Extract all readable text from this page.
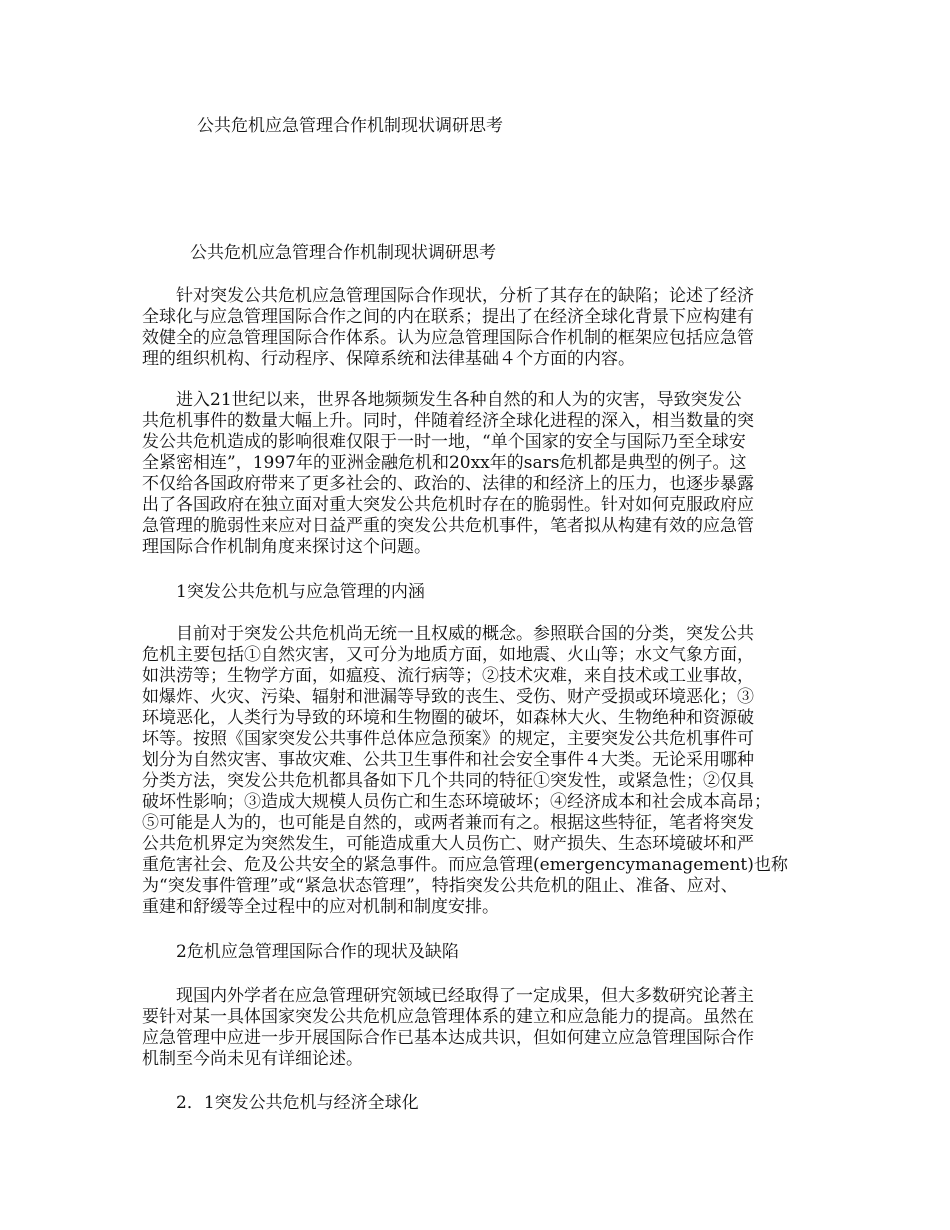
公共危机应急管理合作机制现状调研思考
公共危机应急管理合作机制现状调研思考
针对突发公共危机应急管理国际合作现状，分析了其存在的缺陷；论述了经济
全球化与应急管理国际合作之间的内在联系；提出了在经济全球化背景下应构建有
效健全的应急管理国际合作体系。认为应急管理国际合作机制的框架应包括应急管
理的组织机构、行动程序、保障系统和法律基础４个方面的内容。
进入21世纪以来，世界各地频频发生各种自然的和人为的灾害，导致突发公
共危机事件的数量大幅上升。同时，伴随着经济全球化进程的深入，相当数量的突
发公共危机造成的影响很难仅限于一时一地，“单个国家的安全与国际乃至全球安
全紧密相连”，1997年的亚洲金融危机和20xx年的sars危机都是典型的例子。这
不仅给各国政府带来了更多社会的、政治的、法律的和经济上的压力，也逐步暴露
出了各国政府在独立面对重大突发公共危机时存在的脆弱性。针对如何克服政府应
急管理的脆弱性来应对日益严重的突发公共危机事件，笔者拟从构建有效的应急管
理国际合作机制角度来探讨这个问题。
1突发公共危机与应急管理的内涵
目前对于突发公共危机尚无统一且权威的概念。参照联合国的分类，突发公共
危机主要包括①自然灾害，又可分为地质方面，如地震、火山等；水文气象方面，
如洪涝等；生物学方面，如瘟疫、流行病等；②技术灾难，来自技术或工业事故，
如爆炸、火灾、污染、辐射和泄漏等导致的丧生、受伤、财产受损或环境恶化；③
环境恶化，人类行为导致的环境和生物圈的破坏，如森林大火、生物绝种和资源破
坏等。按照《国家突发公共事件总体应急预案》的规定，主要突发公共危机事件可
划分为自然灾害、事故灾难、公共卫生事件和社会安全事件４大类。无论采用哪种
分类方法，突发公共危机都具备如下几个共同的特征①突发性，或紧急性；②仅具
破坏性影响；③造成大规模人员伤亡和生态环境破坏；④经济成本和社会成本高昂；
⑤可能是人为的，也可能是自然的，或两者兼而有之。根据这些特征，笔者将突发
公共危机界定为突然发生，可能造成重大人员伤亡、财产损失、生态环境破坏和严
重危害社会、危及公共安全的紧急事件。而应急管理(emergencymanagement)也称
为“突发事件管理”或“紧急状态管理”，特指突发公共危机的阻止、准备、应对、
重建和舒缓等全过程中的应对机制和制度安排。
2危机应急管理国际合作的现状及缺陷
现国内外学者在应急管理研究领域已经取得了一定成果，但大多数研究论著主
要针对某一具体国家突发公共危机应急管理体系的建立和应急能力的提高。虽然在
应急管理中应进一步开展国际合作已基本达成共识，但如何建立应急管理国际合作
机制至今尚未见有详细论述。
2．1突发公共危机与经济全球化
